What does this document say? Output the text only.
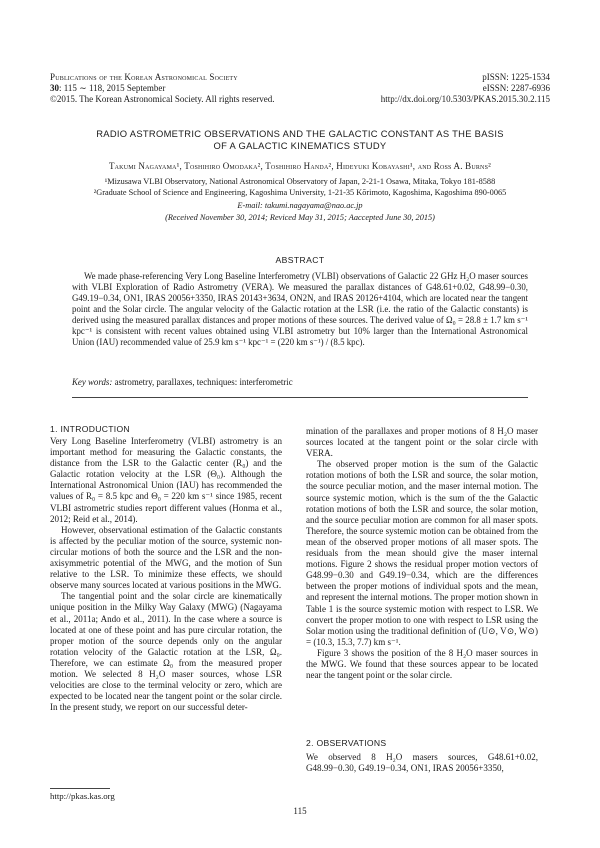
Publications of the Korean Astronomical Society
30: 115 ∼ 118, 2015 September
©2015. The Korean Astronomical Society. All rights reserved.
pISSN: 1225-1534
eISSN: 2287-6936
http://dx.doi.org/10.5303/PKAS.2015.30.2.115
RADIO ASTROMETRIC OBSERVATIONS AND THE GALACTIC CONSTANT AS THE BASIS
OF A GALACTIC KINEMATICS STUDY
Takumi Nagayama¹, Toshihiro Omodaka², Toshihiro Handa², Hideyuki Kobayashi¹, and Ross A. Burns²
¹Mizusawa VLBI Observatory, National Astronomical Observatory of Japan, 2-21-1 Osawa, Mitaka, Tokyo 181-8588
²Graduate School of Science and Engineering, Kagoshima University, 1-21-35 Kōrimoto, Kagoshima, Kagoshima 890-0065
E-mail: takumi.nagayama@nao.ac.jp
(Received November 30, 2014; Reviced May 31, 2015; Aaccepted June 30, 2015)
ABSTRACT

We made phase-referencing Very Long Baseline Interferometry (VLBI) observations of Galactic 22 GHz H₂O maser sources with VLBI Exploration of Radio Astrometry (VERA). We measured the parallax distances of G48.61+0.02, G48.99−0.30, G49.19−0.34, ON1, IRAS 20056+3350, IRAS 20143+3634, ON2N, and IRAS 20126+4104, which are located near the tangent point and the Solar circle. The angular velocity of the Galactic rotation at the LSR (i.e. the ratio of the Galactic constants) is derived using the measured parallax distances and proper motions of these sources. The derived value of Ω₀ = 28.8 ± 1.7 km s⁻¹ kpc⁻¹ is consistent with recent values obtained using VLBI astrometry but 10% larger than the International Astronomical Union (IAU) recommended value of 25.9 km s⁻¹ kpc⁻¹ = (220 km s⁻¹) / (8.5 kpc).

Key words: astrometry, parallaxes, techniques: interferometric
1. INTRODUCTION

Very Long Baseline Interferometry (VLBI) astrometry is an important method for measuring the Galactic constants, the distance from the LSR to the Galactic center (R₀) and the Galactic rotation velocity at the LSR (Θ₀). Although the International Astronomical Union (IAU) has recommended the values of R₀ = 8.5 kpc and Θ₀ = 220 km s⁻¹ since 1985, recent VLBI astrometric studies report different values (Honma et al., 2012; Reid et al., 2014).

However, observational estimation of the Galactic constants is affected by the peculiar motion of the source, systemic non-circular motions of both the source and the LSR and the non-axisymmetric potential of the MWG, and the motion of Sun relative to the LSR. To minimize these effects, we should observe many sources located at various positions in the MWG.

The tangential point and the solar circle are kinematically unique position in the Milky Way Galaxy (MWG) (Nagayama et al., 2011a; Ando et al., 2011). In the case where a source is located at one of these point and has pure circular rotation, the proper motion of the source depends only on the angular rotation velocity of the Galactic rotation at the LSR, Ω₀. Therefore, we can estimate Ω₀ from the measured proper motion. We selected 8 H₂O maser sources, whose LSR velocities are close to the terminal velocity or zero, which are expected to be located near the tangent point or the solar circle. In the present study, we report on our successful deter-

mination of the parallaxes and proper motions of 8 H₂O maser sources located at the tangent point or the solar circle with VERA.

The observed proper motion is the sum of the Galactic rotation motions of both the LSR and source, the solar motion, the source peculiar motion, and the maser internal motion. The source systemic motion, which is the sum of the the Galactic rotation motions of both the LSR and source, the solar motion, and the source peculiar motion are common for all maser spots. Therefore, the source systemic motion can be obtained from the mean of the observed proper motions of all maser spots. The residuals from the mean should give the maser internal motions. Figure 2 shows the residual proper motion vectors of G48.99−0.30 and G49.19−0.34, which are the differences between the proper motions of individual spots and the mean, and represent the internal motions. The proper motion shown in Table 1 is the source systemic motion with respect to LSR. We convert the proper motion to one with respect to LSR using the Solar motion using the traditional definition of (U⊙, V⊙, W⊙) = (10.3, 15.3, 7.7) km s⁻¹.

Figure 3 shows the position of the 8 H₂O maser sources in the MWG. We found that these sources appear to be located near the tangent point or the solar circle.

2. OBSERVATIONS

We observed 8 H₂O masers sources, G48.61+0.02, G48.99−0.30, G49.19−0.34, ON1, IRAS 20056+3350,

http://pkas.kas.org
115
